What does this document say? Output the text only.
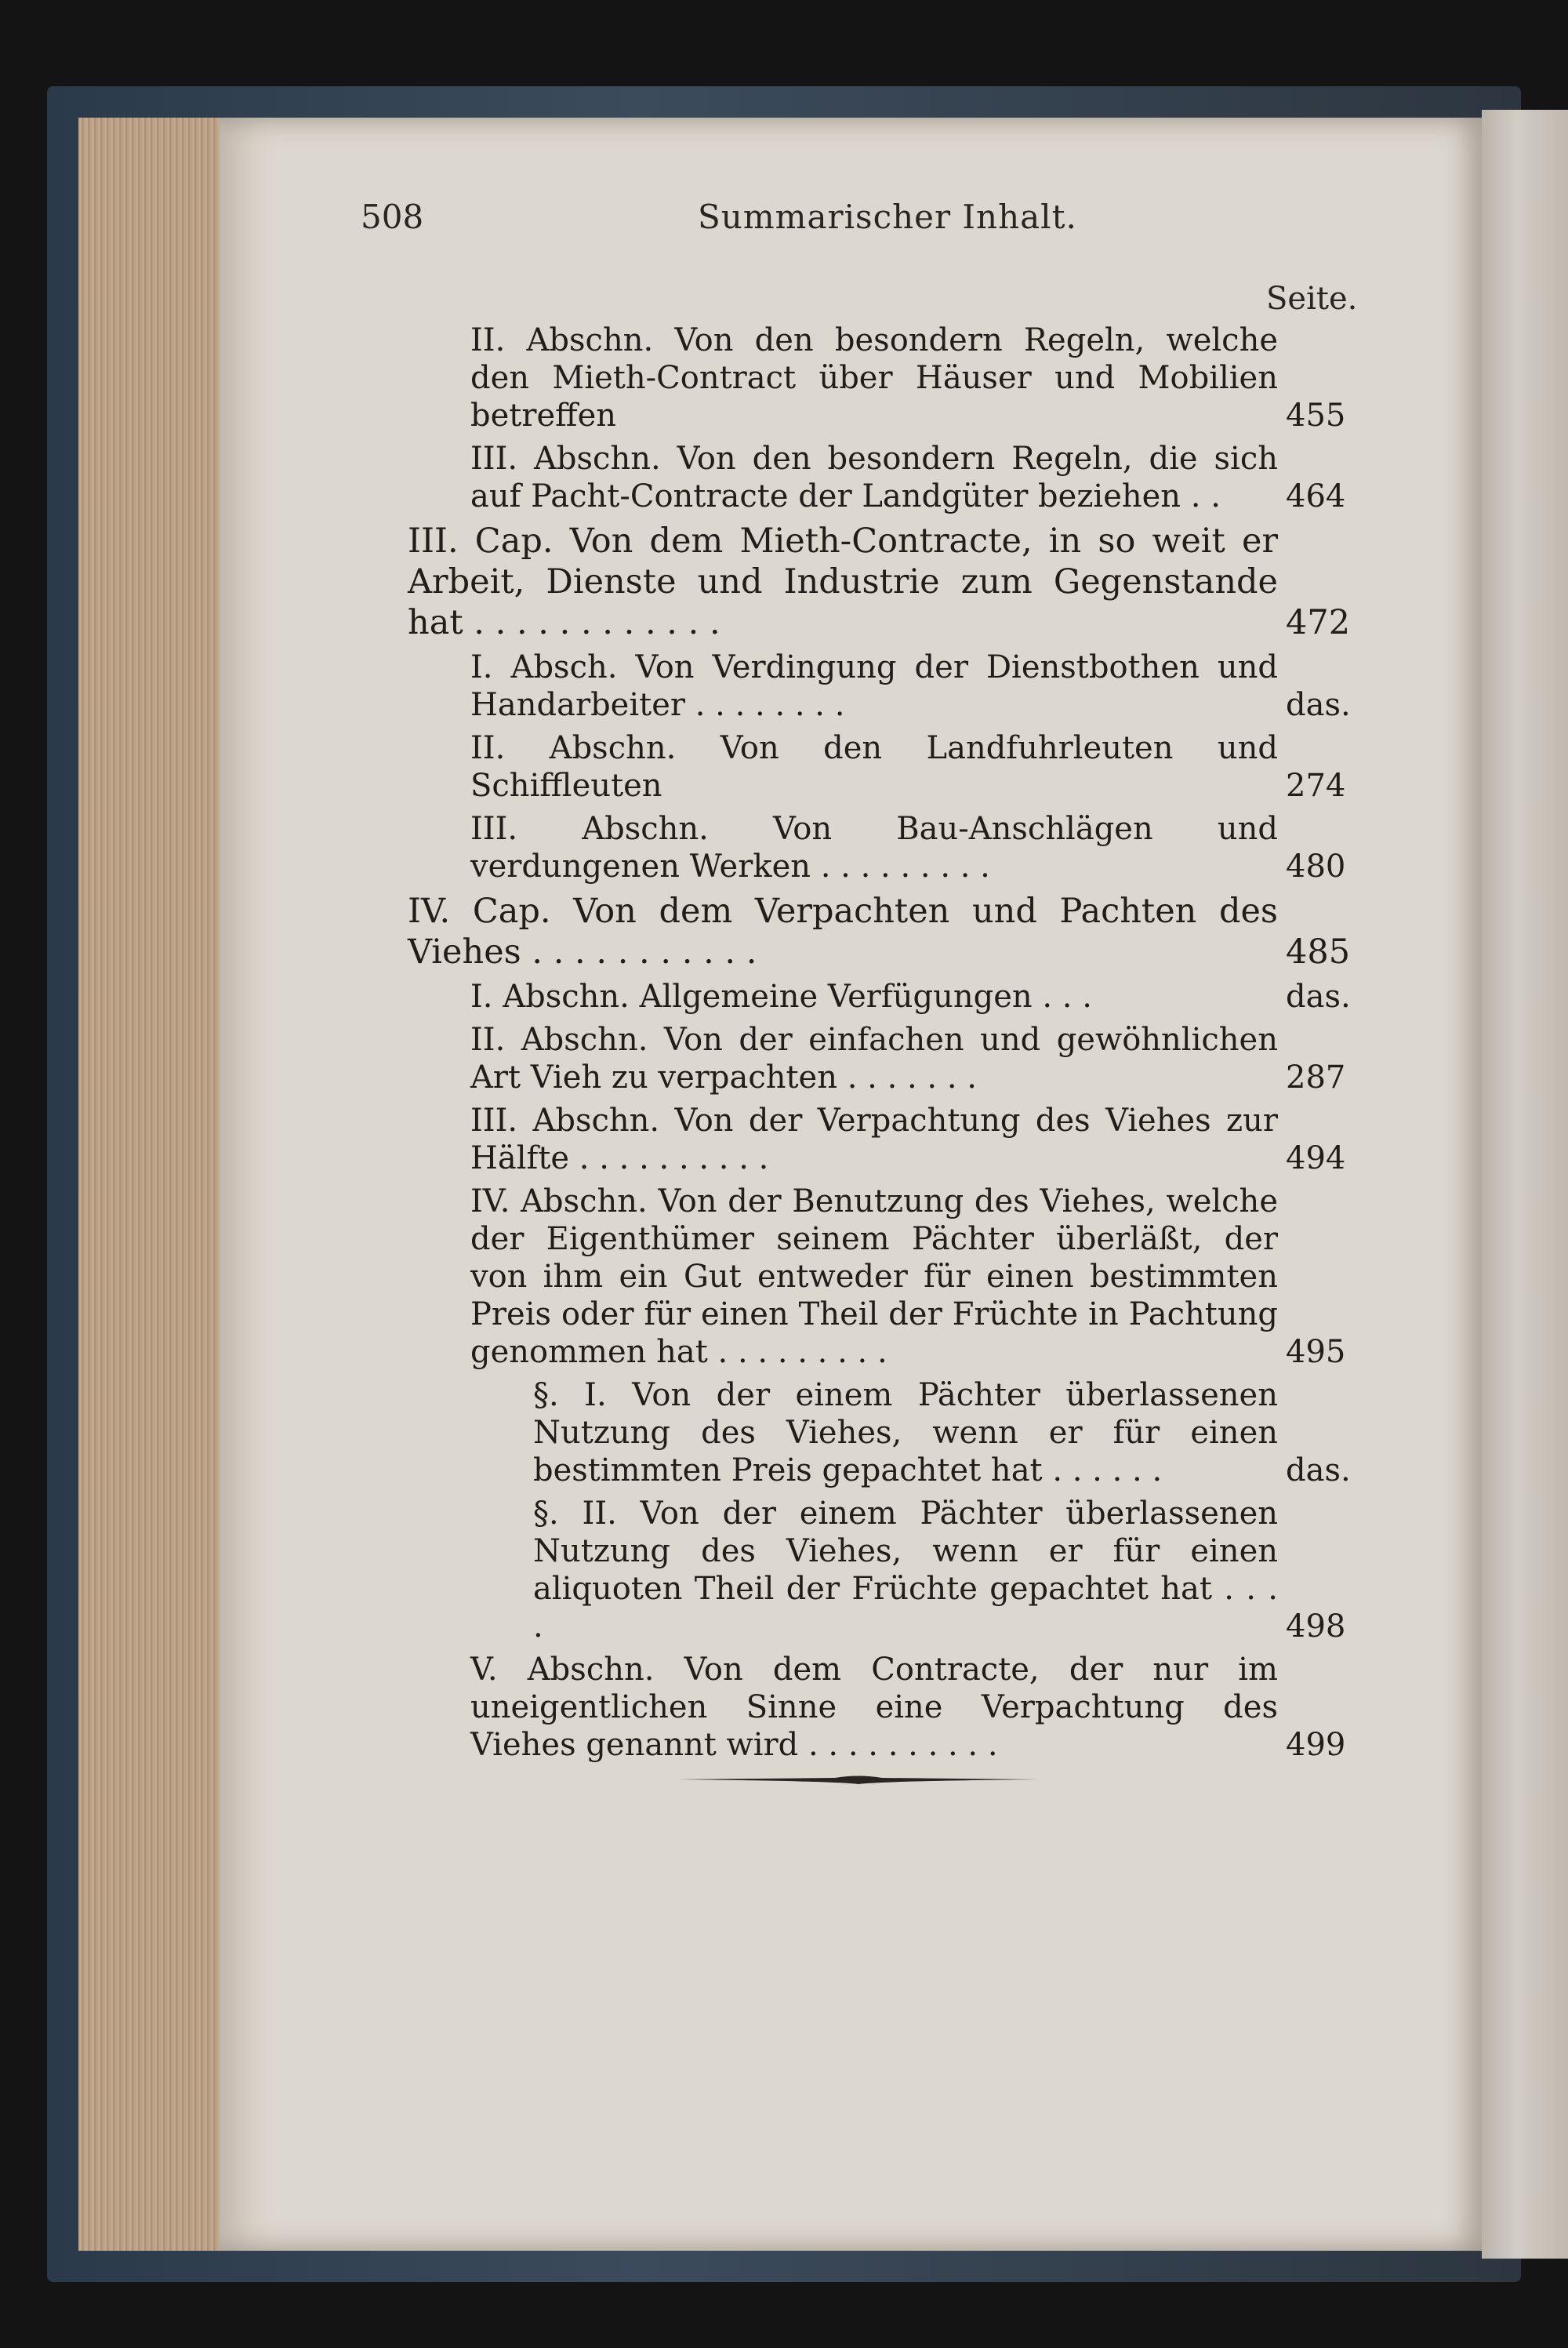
508	Summarischer Inhalt.
Seite.
II. Abschn. Von den besondern Regeln, welche den Mieth-Contract über Häuser und Mobilien betreffen	455
III. Abschn. Von den besondern Regeln, die sich auf Pacht-Contracte der Landgüter beziehen . .	464
III. Cap. Von dem Mieth-Contracte, in so weit er Arbeit, Dienste und Industrie zum Gegenstande hat . . . . . . . . . . . .	472
I. Absch. Von Verdingung der Dienstbothen und Handarbeiter . . . . . . . .	das.
II. Abschn. Von den Landfuhrleuten und Schiffleuten	274
III. Abschn. Von Bau-Anschlägen und verdungenen Werken . . . . . . . . .	480
IV. Cap. Von dem Verpachten und Pachten des Viehes . . . . . . . . . . .	485
I. Abschn. Allgemeine Verfügungen . . .	das.
II. Abschn. Von der einfachen und gewöhnlichen Art Vieh zu verpachten . . . . . . .	287
III. Abschn. Von der Verpachtung des Viehes zur Hälfte . . . . . . . . . .	494
IV. Abschn. Von der Benutzung des Viehes, welche der Eigenthümer seinem Pächter überläßt, der von ihm ein Gut entweder für einen bestimmten Preis oder für einen Theil der Früchte in Pachtung genommen hat . . . . . . . . .	495
§. I. Von der einem Pächter überlassenen Nutzung des Viehes, wenn er für einen bestimmten Preis gepachtet hat . . . . . .	das.
§. II. Von der einem Pächter überlassenen Nutzung des Viehes, wenn er für einen aliquoten Theil der Früchte gepachtet hat . . . .	498
V. Abschn. Von dem Contracte, der nur im uneigentlichen Sinne eine Verpachtung des Viehes genannt wird . . . . . . . . . .	499
